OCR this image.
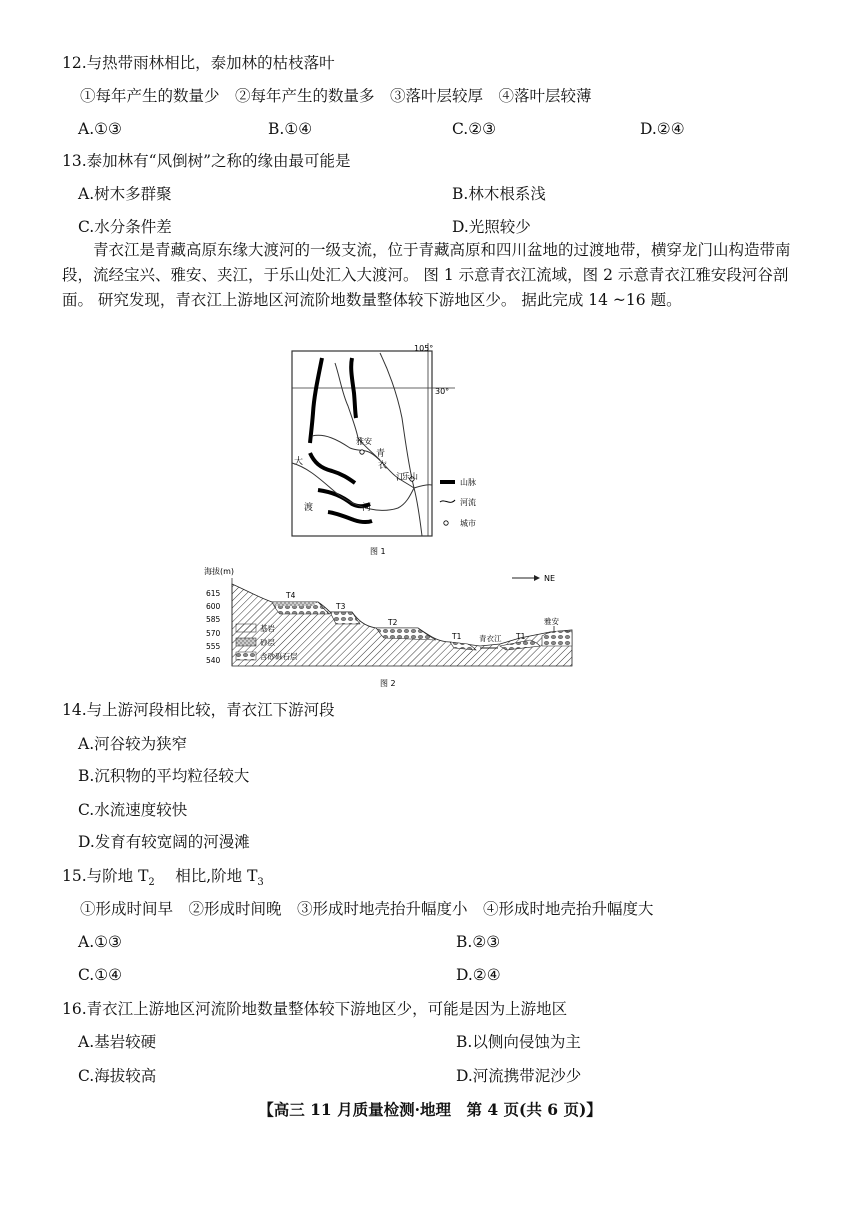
12.与热带雨林相比，泰加林的枯枝落叶
①每年产生的数量少　②每年产生的数量多　③落叶层较厚　④落叶层较薄
A.①③	B.①④	C.②③	D.②④
13.泰加林有“风倒树”之称的缘由最可能是
A.树木多群聚	B.林木根系浅
C.水分条件差	D.光照较少
青衣江是青藏高原东缘大渡河的一级支流，位于青藏高原和四川盆地的过渡地带，横穿龙门山构造带南段，流经宝兴、雅安、夹江，于乐山处汇入大渡河。 图 1 示意青衣江流域，图 2 示意青衣江雅安段河谷剖面。 研究发现，青衣江上游地区河流阶地数量整体较下游地区少。 据此完成 14 ~16 题。
105°
30°
雅安
乐山
青
衣
江
大
渡	河
山脉
河流
城市
图 1
海拔(m)
615
600
585
570
555
540
T4
T3
T2
T1	T1
青衣江
雅安
NE
基岩
砂层
含砂砾石层
图 2
14.与上游河段相比较，青衣江下游河段
A.河谷较为狭窄
B.沉积物的平均粒径较大
C.水流速度较快
D.发育有较宽阔的河漫滩
15.与阶地 $T_2$　 相比,阶地 $T_3$
①形成时间早　②形成时间晚　③形成时地壳抬升幅度小　④形成时地壳抬升幅度大
A.①③	B.②③
C.①④	D.②④
16.青衣江上游地区河流阶地数量整体较下游地区少，可能是因为上游地区
A.基岩较硬	B.以侧向侵蚀为主
C.海拔较高	D.河流携带泥沙少
【高三 11 月质量检测·地理　第 4 页(共 6 页)】
